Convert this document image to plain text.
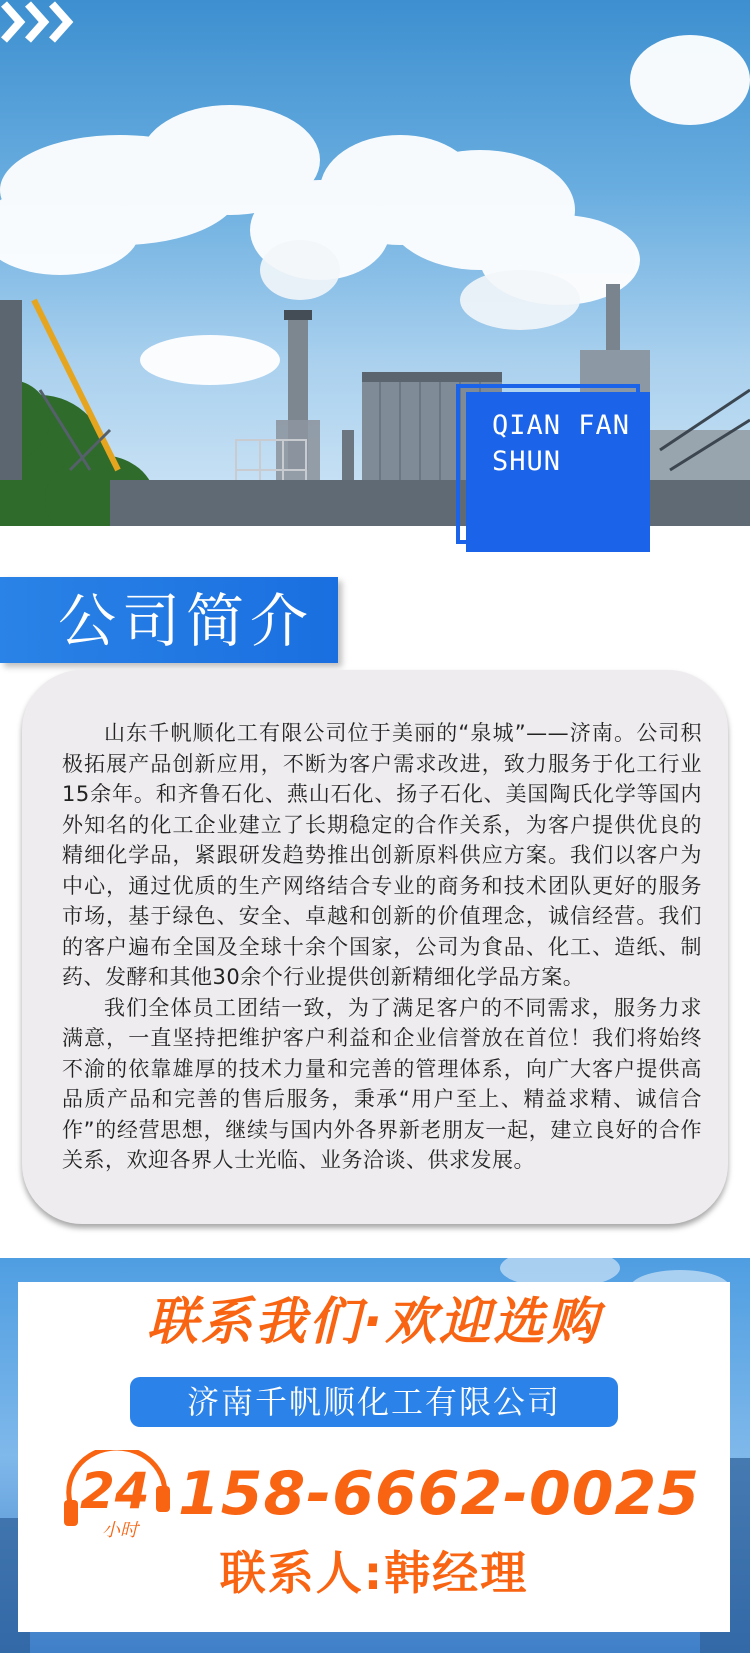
QIAN FAN
SHUN
公司简介

山东千帆顺化工有限公司位于美丽的“泉城”——济南。公司积极拓展产品创新应用，不断为客户需求改进，致力服务于化工行业15余年。和齐鲁石化、燕山石化、扬子石化、美国陶氏化学等国内外知名的化工企业建立了长期稳定的合作关系，为客户提供优良的精细化学品，紧跟研发趋势推出创新原料供应方案。我们以客户为中心，通过优质的生产网络结合专业的商务和技术团队更好的服务市场，基于绿色、安全、卓越和创新的价值理念，诚信经营。我们的客户遍布全国及全球十余个国家，公司为食品、化工、造纸、制药、发酵和其他30余个行业提供创新精细化学品方案。

我们全体员工团结一致，为了满足客户的不同需求，服务力求满意，一直坚持把维护客户利益和企业信誉放在首位！我们将始终不渝的依靠雄厚的技术力量和完善的管理体系，向广大客户提供高品质产品和完善的售后服务，秉承“用户至上、精益求精、诚信合作”的经营思想，继续与国内外各界新老朋友一起，建立良好的合作关系，欢迎各界人士光临、业务洽谈、供求发展。

联系我们·欢迎选购
济南千帆顺化工有限公司
24
小时
158-6662-0025
联系人:韩经理
